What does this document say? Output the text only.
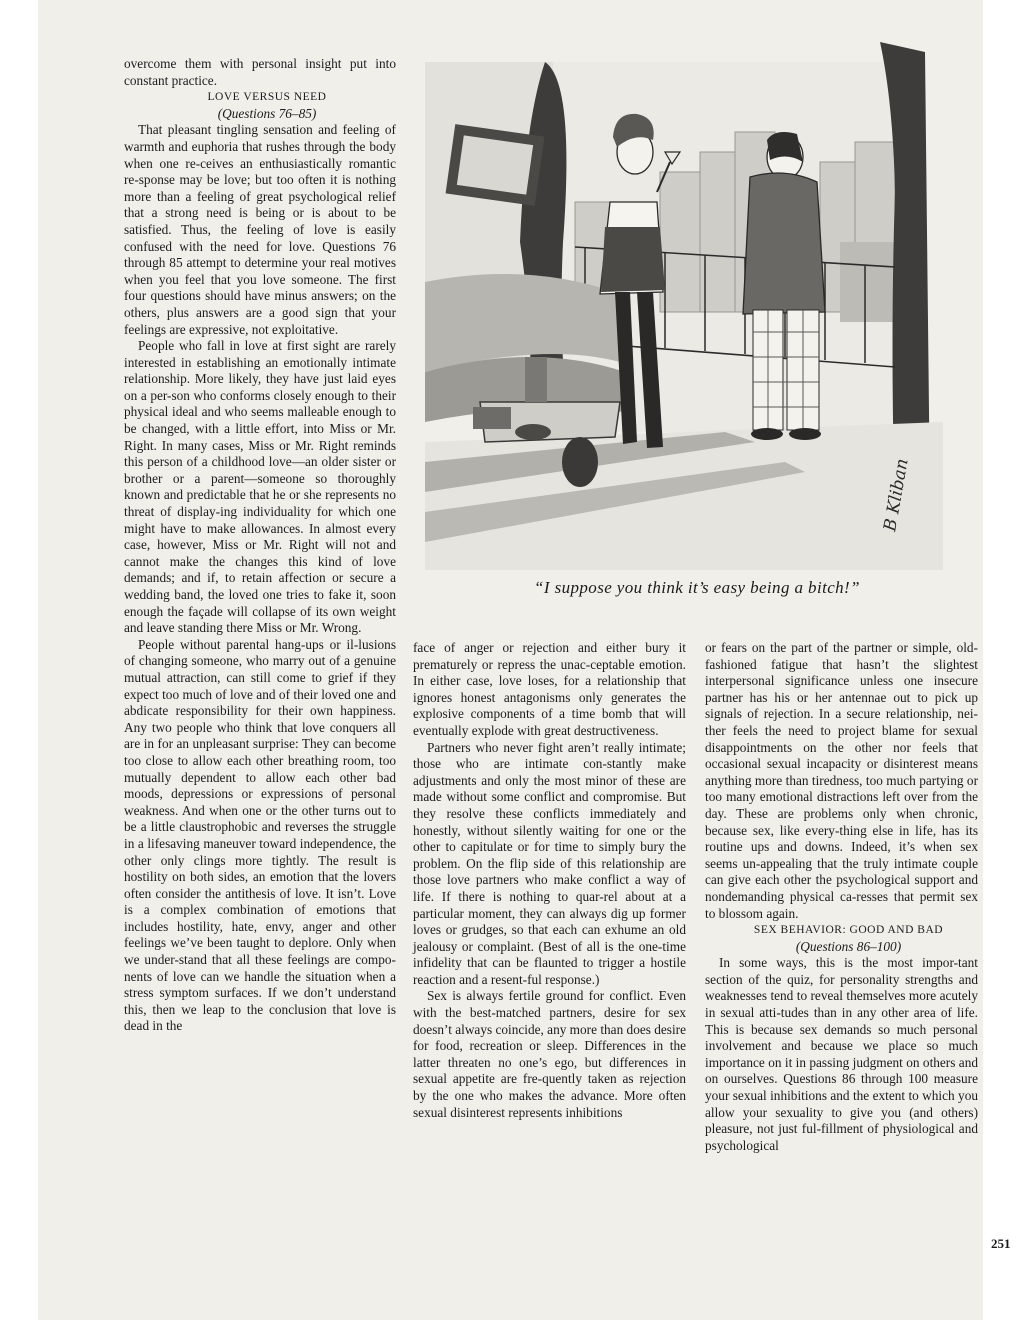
overcome them with personal insight put into constant practice.

LOVE VERSUS NEED

(Questions 76–85)

That pleasant tingling sensation and feeling of warmth and euphoria that rushes through the body when one re-ceives an enthusiastically romantic re-sponse may be love; but too often it is nothing more than a feeling of great psychological relief that a strong need is being or is about to be satisfied. Thus, the feeling of love is easily confused with the need for love. Questions 76 through 85 attempt to determine your real motives when you feel that you love someone. The first four questions should have minus answers; on the others, plus answers are a good sign that your feelings are expressive, not exploitative.

People who fall in love at first sight are rarely interested in establishing an emotionally intimate relationship. More likely, they have just laid eyes on a per-son who conforms closely enough to their physical ideal and who seems malleable enough to be changed, with a little effort, into Miss or Mr. Right. In many cases, Miss or Mr. Right reminds this person of a childhood love—an older sister or brother or a parent—someone so thoroughly known and predictable that he or she represents no threat of display-ing individuality for which one might have to make allowances. In almost every case, however, Miss or Mr. Right will not and cannot make the changes this kind of love demands; and if, to retain affection or secure a wedding band, the loved one tries to fake it, soon enough the façade will collapse of its own weight and leave standing there Miss or Mr. Wrong.

People without parental hang-ups or il-lusions of changing someone, who marry out of a genuine mutual attraction, can still come to grief if they expect too much of love and of their loved one and abdicate responsibility for their own happiness. Any two people who think that love conquers all are in for an unpleasant surprise: They can become too close to allow each other breathing room, too mutually dependent to allow each other bad moods, depressions or expressions of personal weakness. And when one or the other turns out to be a little claustrophobic and reverses the struggle in a lifesaving maneuver toward independence, the other only clings more tightly. The result is hostility on both sides, an emotion that the lovers often consider the antithesis of love. It isn’t. Love is a complex combination of emotions that includes hostility, hate, envy, anger and other feelings we’ve been taught to deplore. Only when we under-stand that all these feelings are compo-nents of love can we handle the situation when a stress symptom surfaces. If we don’t understand this, then we leap to the conclusion that love is dead in the

B Kliban
“I suppose you think it’s easy being a bitch!”

face of anger or rejection and either bury it prematurely or repress the unac-ceptable emotion. In either case, love loses, for a relationship that ignores honest antagonisms only generates the explosive components of a time bomb that will eventually explode with great destructiveness.

Partners who never fight aren’t really intimate; those who are intimate con-stantly make adjustments and only the most minor of these are made without some conflict and compromise. But they resolve these conflicts immediately and honestly, without silently waiting for one or the other to capitulate or for time to simply bury the problem. On the flip side of this relationship are those love partners who make conflict a way of life. If there is nothing to quar-rel about at a particular moment, they can always dig up former loves or grudges, so that each can exhume an old jealousy or complaint. (Best of all is the one-time infidelity that can be flaunted to trigger a hostile reaction and a resent-ful response.)

Sex is always fertile ground for conflict. Even with the best-matched partners, desire for sex doesn’t always coincide, any more than does desire for food, recreation or sleep. Differences in the latter threaten no one’s ego, but differences in sexual appetite are fre-quently taken as rejection by the one who makes the advance. More often sexual disinterest represents inhibitions

or fears on the part of the partner or simple, old-fashioned fatigue that hasn’t the slightest interpersonal significance unless one insecure partner has his or her antennae out to pick up signals of rejection. In a secure relationship, nei-ther feels the need to project blame for sexual disappointments on the other nor feels that occasional sexual incapacity or disinterest means anything more than tiredness, too much partying or too many emotional distractions left over from the day. These are problems only when chronic, because sex, like every-thing else in life, has its routine ups and downs. Indeed, it’s when sex seems un-appealing that the truly intimate couple can give each other the psychological support and nondemanding physical ca-resses that permit sex to blossom again.

SEX BEHAVIOR: GOOD AND BAD

(Questions 86–100)

In some ways, this is the most impor-tant section of the quiz, for personality strengths and weaknesses tend to reveal themselves more acutely in sexual atti-tudes than in any other area of life. This is because sex demands so much personal involvement and because we place so much importance on it in passing judgment on others and on ourselves. Questions 86 through 100 measure your sexual inhibitions and the extent to which you allow your sexuality to give you (and others) pleasure, not just ful-fillment of physiological and psychological

251
